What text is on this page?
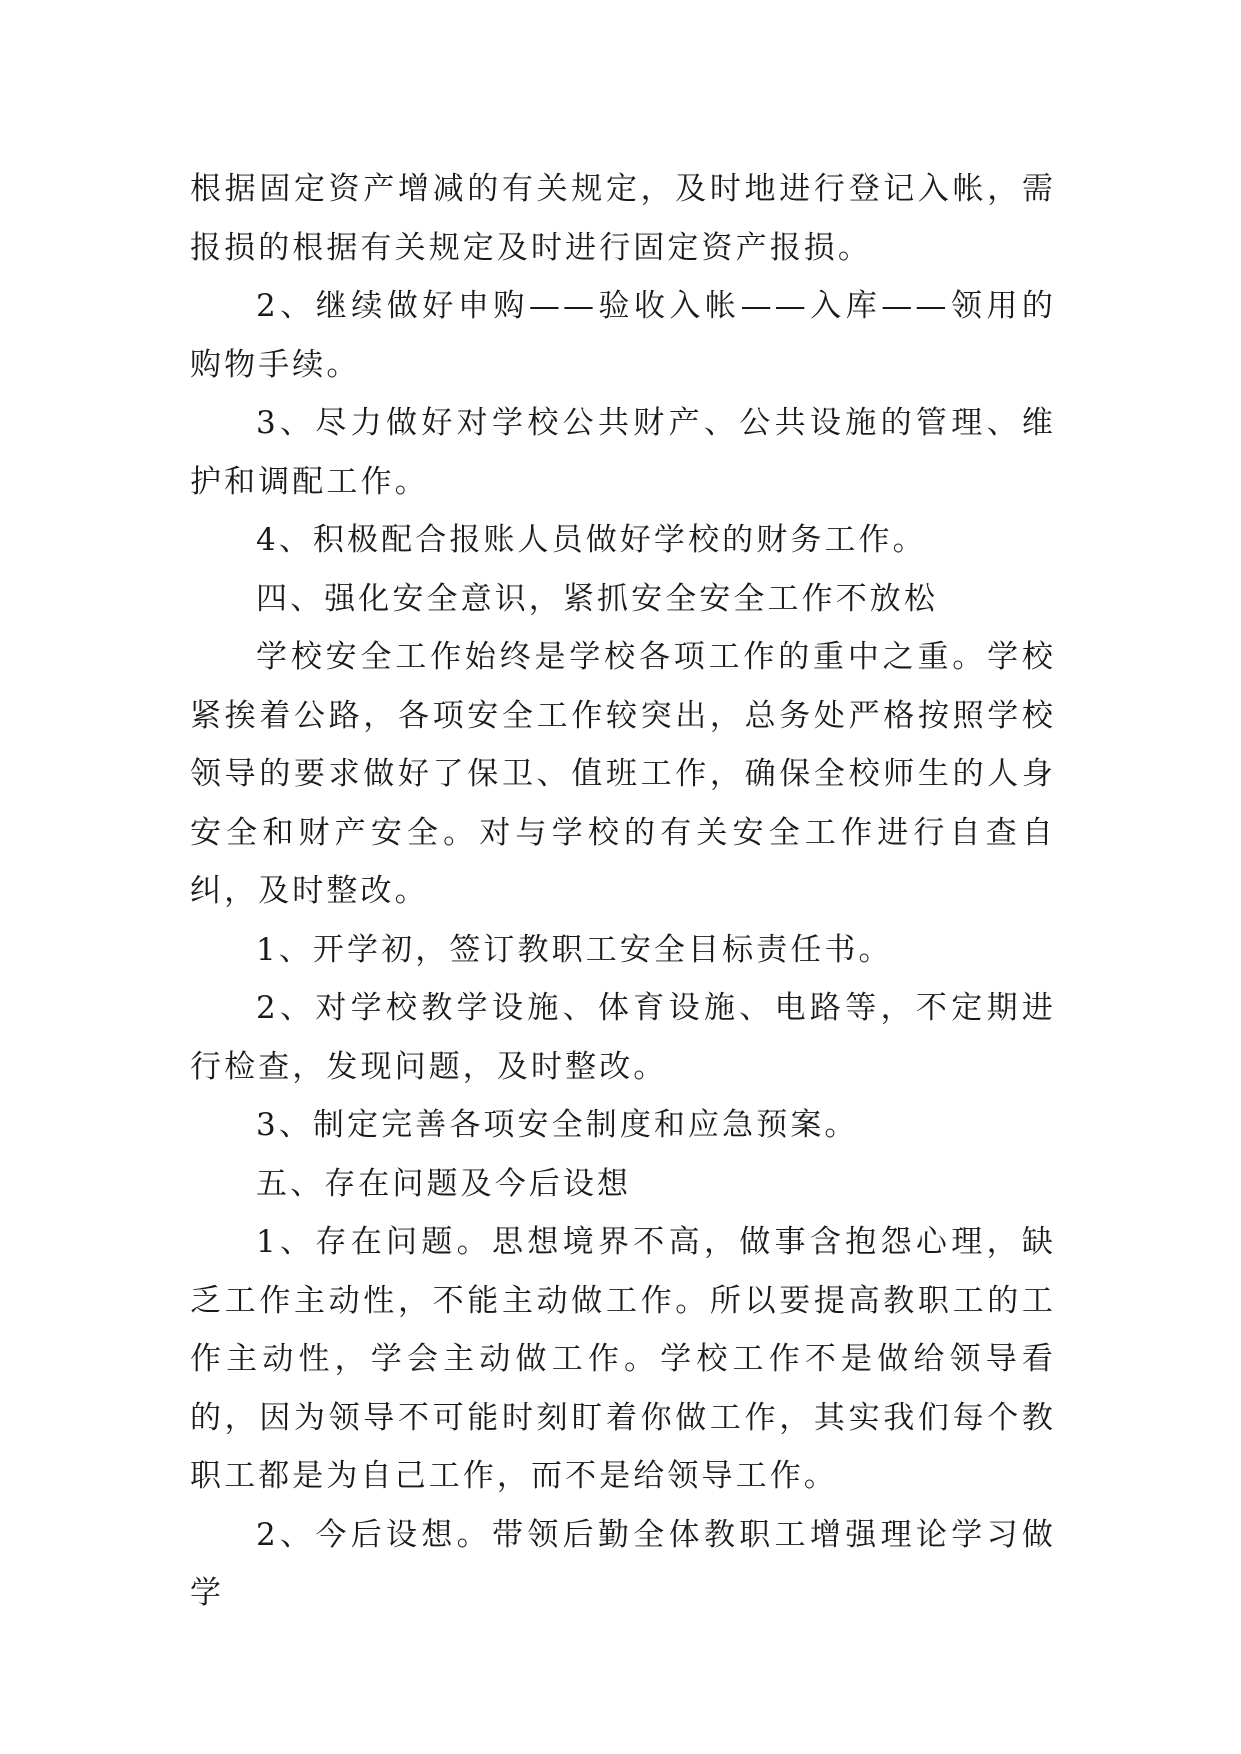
根据固定资产增减的有关规定，及时地进行登记入帐，需报损的根据有关规定及时进行固定资产报损。

2、继续做好申购——验收入帐——入库——领用的购物手续。

3、尽力做好对学校公共财产、公共设施的管理、维护和调配工作。

4、积极配合报账人员做好学校的财务工作。

四、强化安全意识，紧抓安全安全工作不放松

学校安全工作始终是学校各项工作的重中之重。学校紧挨着公路，各项安全工作较突出，总务处严格按照学校领导的要求做好了保卫、值班工作，确保全校师生的人身安全和财产安全。对与学校的有关安全工作进行自查自纠，及时整改。

1、开学初，签订教职工安全目标责任书。

2、对学校教学设施、体育设施、电路等，不定期进行检查，发现问题，及时整改。

3、制定完善各项安全制度和应急预案。

五、存在问题及今后设想

1、存在问题。思想境界不高，做事含抱怨心理，缺乏工作主动性，不能主动做工作。所以要提高教职工的工作主动性，学会主动做工作。学校工作不是做给领导看的，因为领导不可能时刻盯着你做工作，其实我们每个教职工都是为自己工作，而不是给领导工作。

2、今后设想。带领后勤全体教职工增强理论学习做学
